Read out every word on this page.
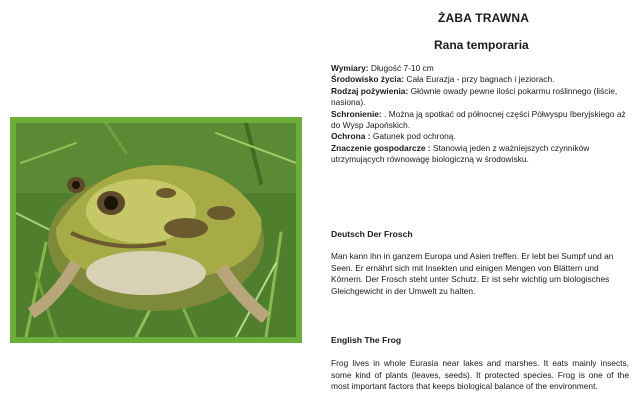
ŻABA TRAWNA
Rana temporaria

Wymiary: Długość 7-10 cm

Środowisko życia: Cała Eurazja - przy bagnach i jeziorach.

Rodzaj pożywienia: Głównie owady pewne ilości pokarmu roślinnego (liście, nasiona).

Schronienie: . Można ją spotkać od północnej części Półwyspu Iberyjskiego aż do Wysp Japońskich.

Ochrona : Gatunek pod ochroną.

Znaczenie gospodarcze : Stanowią jeden z ważniejszych czynników utrzymujących równowagę biologiczną w środowisku.

Deutsch Der Frosch

Man kann ihn in ganzem Europa und Asien treffen. Er lebt bei Sumpf und an Seen. Er ernährt sich mit Insekten und einigen Mengen von Blättern und Körnern. Der Frosch steht unter Schutz. Er ist sehr wichtig um biologisches Gleichgewicht in der Umwelt zu halten.

English The Frog

Frog lives in whole Eurasia near lakes and marshes. It eats mainly insects, some kind of plants (leaves, seeds). It protected species. Frog is one of the most important factors that keeps biological balance of the environment.
